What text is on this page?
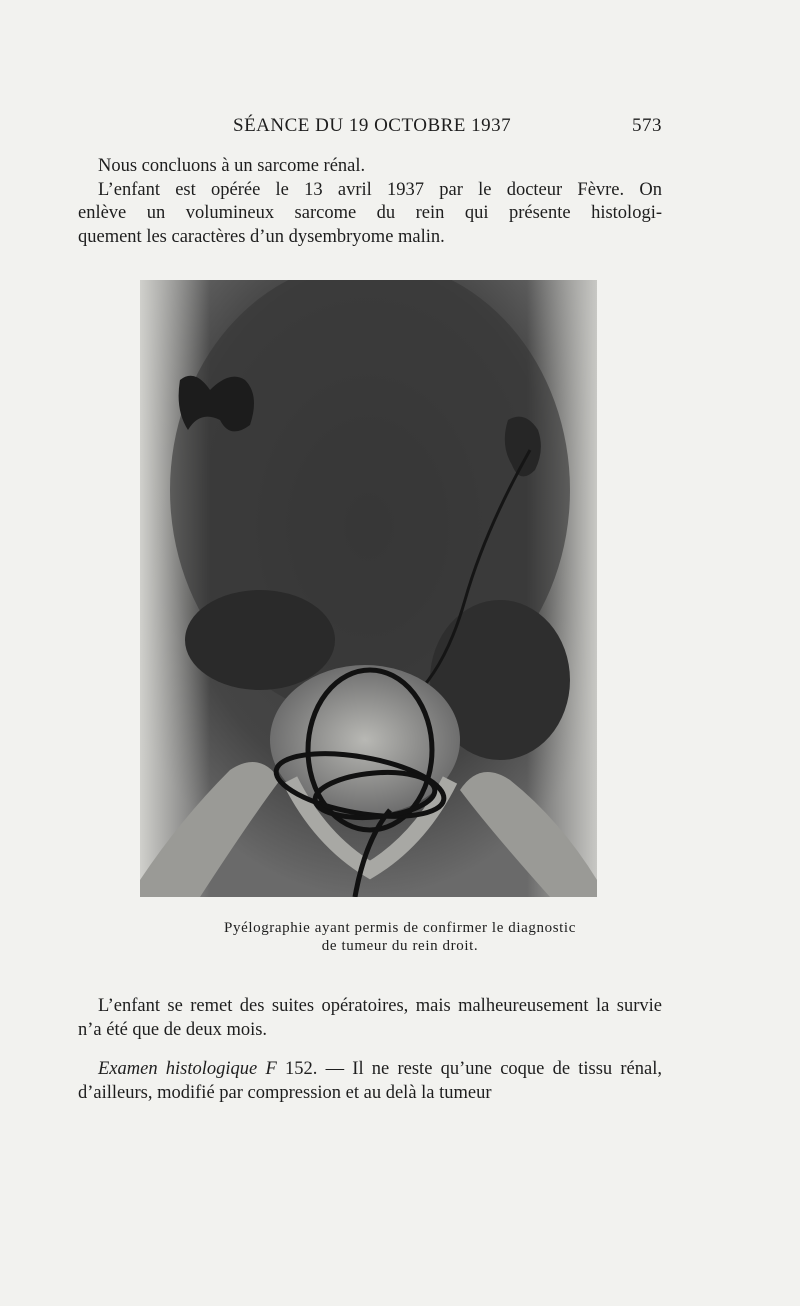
SÉANCE DU 19 OCTOBRE 1937	573

Nous concluons à un sarcome rénal.
L’enfant est opérée le 13 avril 1937 par le docteur Fèvre. On
enlève un volumineux sarcome du rein qui présente histologi-
quement les caractères d’un dysembryome malin.

Pyélographie ayant permis de confirmer le diagnostic
de tumeur du rein droit.

L’enfant se remet des suites opératoires, mais malheureusement la survie n’a été que de deux mois.

Examen histologique F 152. — Il ne reste qu’une coque de tissu rénal, d’ailleurs, modifié par compression et au delà la tumeur
